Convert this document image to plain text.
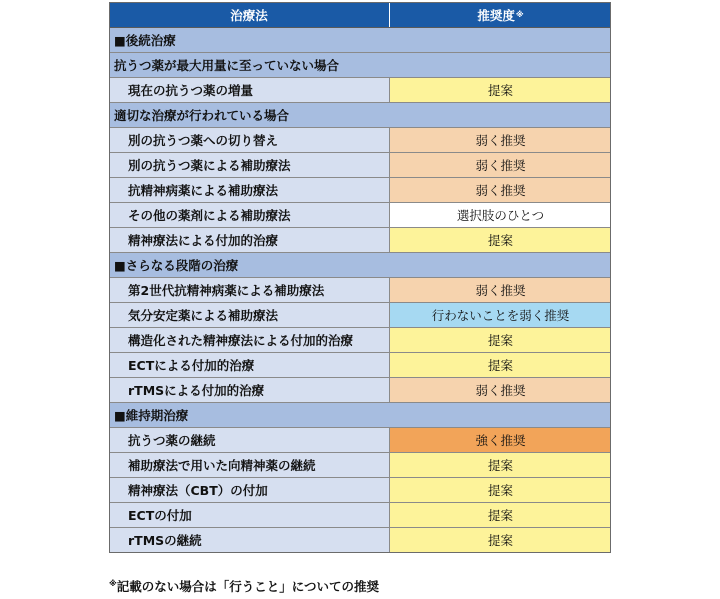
治療法	推奨度 ※
■後続治療
抗うつ薬が最大用量に至っていない場合
現在の抗うつ薬の増量	提案
適切な治療が行われている場合
別の抗うつ薬への切り替え	弱く推奨
別の抗うつ薬による補助療法	弱く推奨
抗精神病薬による補助療法	弱く推奨
その他の薬剤による補助療法	選択肢のひとつ
精神療法による付加的治療	提案
■さらなる段階の治療
第2世代抗精神病薬による補助療法	弱く推奨
気分安定薬による補助療法	行わないことを弱く推奨
構造化された精神療法による付加的治療	提案
ECTによる付加的治療	提案
rTMSによる付加的治療	弱く推奨
■維持期治療
抗うつ薬の継続	強く推奨
補助療法で用いた向精神薬の継続	提案
精神療法（CBT）の付加	提案
ECTの付加	提案
rTMSの継続	提案
※記載のない場合は「行うこと」についての推奨
